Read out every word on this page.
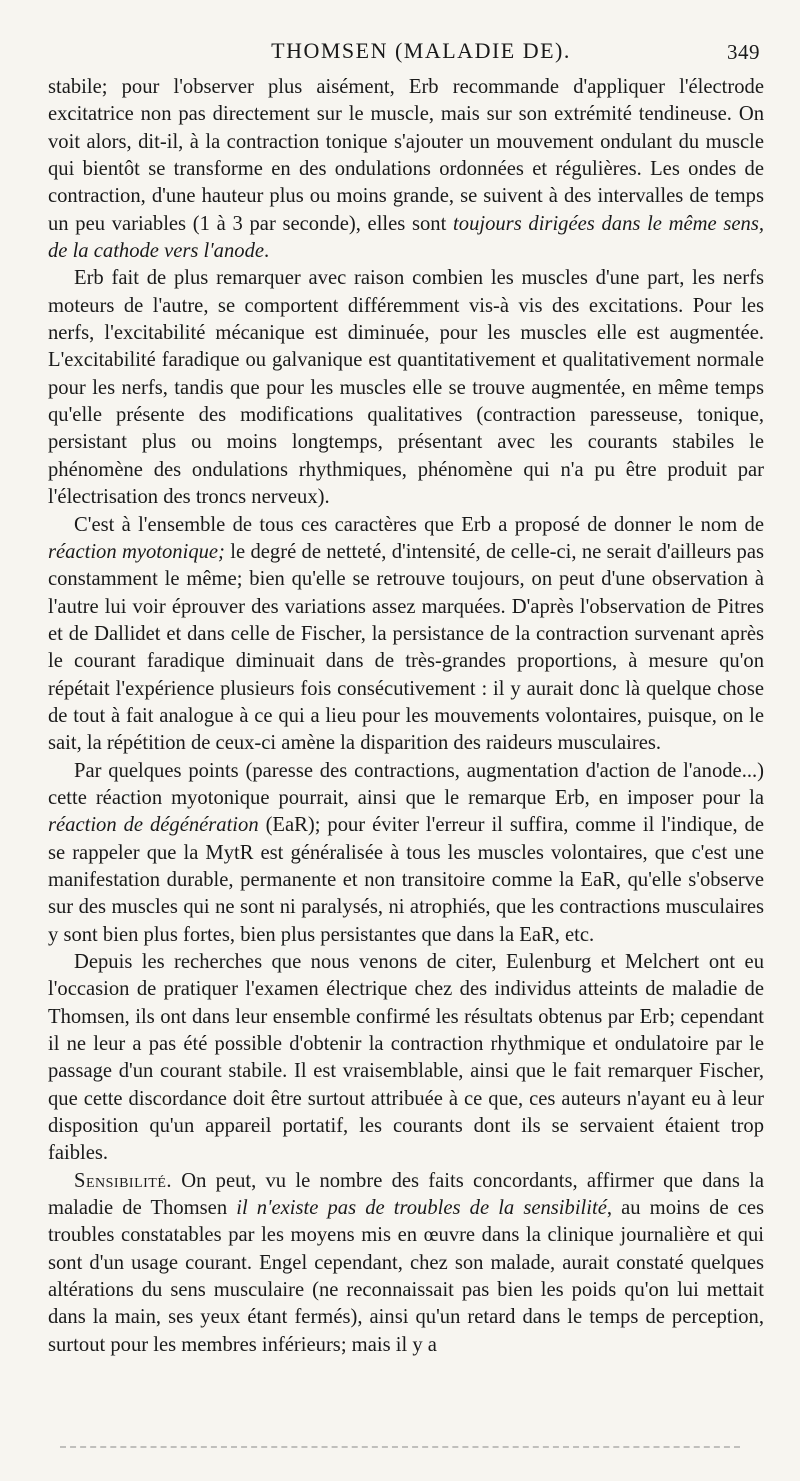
THOMSEN (MALADIE DE).	349

stabile; pour l'observer plus aisément, Erb recommande d'appliquer l'électrode excitatrice non pas directement sur le muscle, mais sur son extrémité tendineuse. On voit alors, dit-il, à la contraction tonique s'ajouter un mouvement ondulant du muscle qui bientôt se transforme en des ondulations ordonnées et régulières. Les ondes de contraction, d'une hauteur plus ou moins grande, se suivent à des intervalles de temps un peu variables (1 à 3 par seconde), elles sont toujours dirigées dans le même sens, de la cathode vers l'anode.

Erb fait de plus remarquer avec raison combien les muscles d'une part, les nerfs moteurs de l'autre, se comportent différemment vis-à vis des excitations. Pour les nerfs, l'excitabilité mécanique est diminuée, pour les muscles elle est augmentée. L'excitabilité faradique ou galvanique est quantitativement et qualitativement normale pour les nerfs, tandis que pour les muscles elle se trouve augmentée, en même temps qu'elle présente des modifications qualitatives (contraction paresseuse, tonique, persistant plus ou moins longtemps, présentant avec les courants stabiles le phénomène des ondulations rhythmiques, phénomène qui n'a pu être produit par l'électrisation des troncs nerveux).

C'est à l'ensemble de tous ces caractères que Erb a proposé de donner le nom de réaction myotonique; le degré de netteté, d'intensité, de celle-ci, ne serait d'ailleurs pas constamment le même; bien qu'elle se retrouve toujours, on peut d'une observation à l'autre lui voir éprouver des variations assez marquées. D'après l'observation de Pitres et de Dallidet et dans celle de Fischer, la persistance de la contraction survenant après le courant faradique diminuait dans de très-grandes proportions, à mesure qu'on répétait l'expérience plusieurs fois consécutivement : il y aurait donc là quelque chose de tout à fait analogue à ce qui a lieu pour les mouvements volontaires, puisque, on le sait, la répétition de ceux-ci amène la disparition des raideurs musculaires.

Par quelques points (paresse des contractions, augmentation d'action de l'anode...) cette réaction myotonique pourrait, ainsi que le remarque Erb, en imposer pour la réaction de dégénération (EaR); pour éviter l'erreur il suffira, comme il l'indique, de se rappeler que la MytR est généralisée à tous les muscles volontaires, que c'est une manifestation durable, permanente et non transitoire comme la EaR, qu'elle s'observe sur des muscles qui ne sont ni paralysés, ni atrophiés, que les contractions musculaires y sont bien plus fortes, bien plus persistantes que dans la EaR, etc.

Depuis les recherches que nous venons de citer, Eulenburg et Melchert ont eu l'occasion de pratiquer l'examen électrique chez des individus atteints de maladie de Thomsen, ils ont dans leur ensemble confirmé les résultats obtenus par Erb; cependant il ne leur a pas été possible d'obtenir la contraction rhythmique et ondulatoire par le passage d'un courant stabile. Il est vraisemblable, ainsi que le fait remarquer Fischer, que cette discordance doit être surtout attribuée à ce que, ces auteurs n'ayant eu à leur disposition qu'un appareil portatif, les courants dont ils se servaient étaient trop faibles.

Sensibilité. On peut, vu le nombre des faits concordants, affirmer que dans la maladie de Thomsen il n'existe pas de troubles de la sensibilité, au moins de ces troubles constatables par les moyens mis en œuvre dans la clinique journalière et qui sont d'un usage courant. Engel cependant, chez son malade, aurait constaté quelques altérations du sens musculaire (ne reconnaissait pas bien les poids qu'on lui mettait dans la main, ses yeux étant fermés), ainsi qu'un retard dans le temps de perception, surtout pour les membres inférieurs; mais il y a
